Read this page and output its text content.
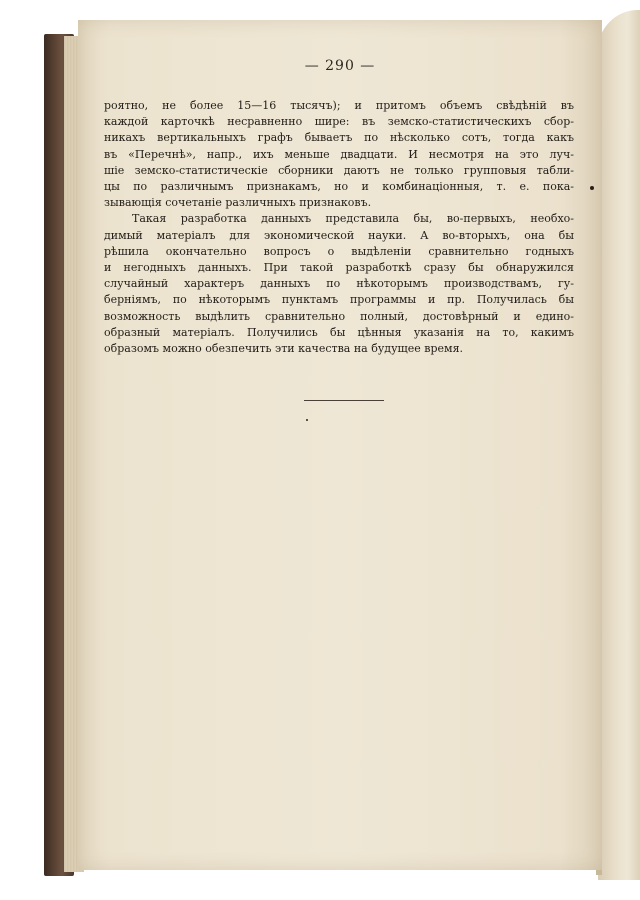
— 290 —
роятно, не более 15—16 тысячъ); и притомъ объемъ свѣдѣній въ
каждой карточкѣ несравненно шире: въ земско-статистическихъ сбор-
никахъ вертикальныхъ графъ бываетъ по нѣсколько сотъ, тогда какъ
въ «Перечнѣ», напр., ихъ меньше двадцати. И несмотря на это луч-
шіе земско-статистическіе сборники даютъ не только групповыя табли-
цы по различнымъ признакамъ, но и комбинаціонныя, т. е. пока-
зывающія сочетаніе различныхъ признаковъ.
Такая разработка данныхъ представила бы, во-первыхъ, необхо-
димый матеріалъ для экономической науки. А во-вторыхъ, она бы
рѣшила окончательно вопросъ о выдѣленіи сравнительно годныхъ
и негодныхъ данныхъ. При такой разработкѣ сразу бы обнаружился
случайный характеръ данныхъ по нѣкоторымъ производствамъ, гу-
берніямъ, по нѣкоторымъ пунктамъ программы и пр. Получилась бы
возможность выдѣлить сравнительно полный, достовѣрный и едино-
образный матеріалъ. Получились бы цѣнныя указанія на то, какимъ
образомъ можно обезпечить эти качества на будущее время.
